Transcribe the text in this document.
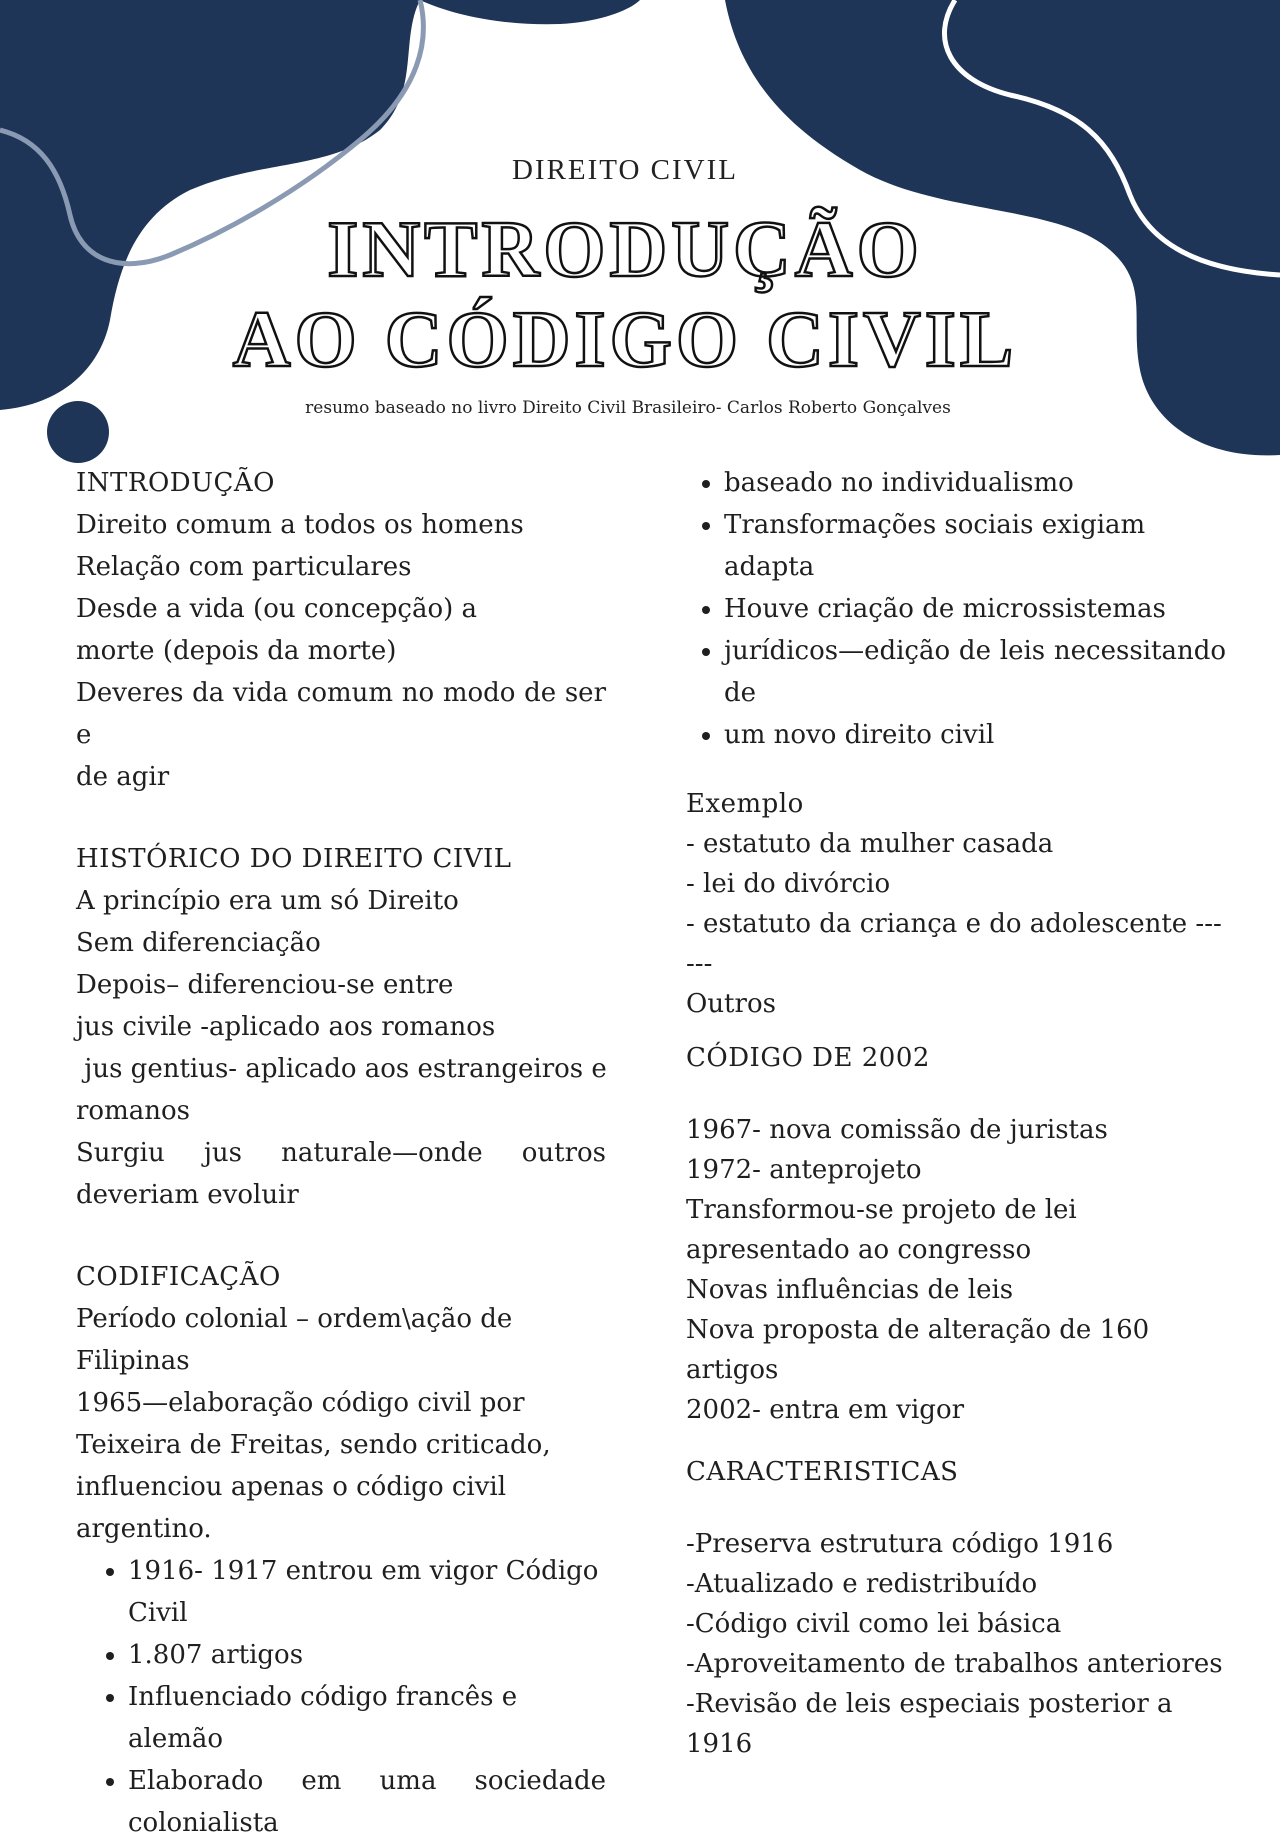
DIREITO CIVIL
INTRODUÇÃO
AO CÓDIGO CIVIL
resumo baseado no livro Direito Civil Brasileiro- Carlos Roberto Gonçalves

INTRODUÇÃO

Direito comum a todos os homens

Relação com particulares

Desde a vida (ou concepção) a

morte (depois da morte)

Deveres da vida comum no modo de ser e

de agir

HISTÓRICO DO DIREITO CIVIL

A princípio era um só Direito

Sem diferenciação

Depois– diferenciou-se entre

jus civile -aplicado aos romanos

jus gentius- aplicado aos estrangeiros e

romanos

Surgiu jus naturale—onde outros

deveriam evoluir

CODIFICAÇÃO

Período colonial – ordem\ação de Filipinas

1965—elaboração código civil por

Teixeira de Freitas, sendo criticado,

influenciou apenas o código civil

argentino.

• 1916- 1917 entrou em vigor Código Civil
• 1.807 artigos
• Influenciado código francês e alemão
• Elaborado em uma sociedade colonialista
• baseado no individualismo
• Transformações sociais exigiam adapta
• Houve criação de microssistemas
• jurídicos—edição de leis necessitando de
• um novo direito civil

Exemplo

- estatuto da mulher casada

- lei do divórcio

- estatuto da criança e do adolescente ------

Outros

CÓDIGO DE 2002

1967- nova comissão de juristas

1972- anteprojeto

Transformou-se projeto de lei

apresentado ao congresso

Novas influências de leis

Nova proposta de alteração de 160

artigos

2002- entra em vigor

CARACTERISTICAS

-Preserva estrutura código 1916

-Atualizado e redistribuído

-Código civil como lei básica

-Aproveitamento de trabalhos anteriores

-Revisão de leis especiais posterior a

1916
